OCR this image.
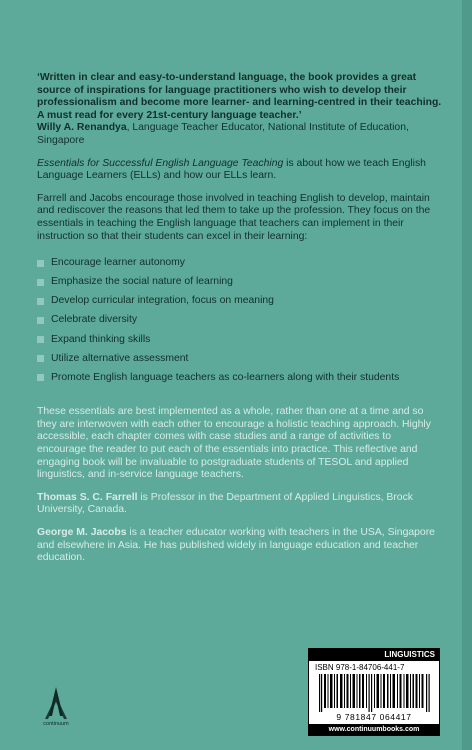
‘Written in clear and easy-to-understand language, the book provides a great source of inspirations for language practitioners who wish to develop their professionalism and become more learner- and learning-centred in their teaching. A must read for every 21st-century language teacher.’

Willy A. Renandya, Language Teacher Educator, National Institute of Education, Singapore

Essentials for Successful English Language Teaching is about how we teach English Language Learners (ELLs) and how our ELLs learn.

Farrell and Jacobs encourage those involved in teaching English to develop, maintain and rediscover the reasons that led them to take up the profession. They focus on the essentials in teaching the English language that teachers can implement in their instruction so that their students can excel in their learning:

Encourage learner autonomy
Emphasize the social nature of learning
Develop curricular integration, focus on meaning
Celebrate diversity
Expand thinking skills
Utilize alternative assessment
Promote English language teachers as co-learners along with their students

These essentials are best implemented as a whole, rather than one at a time and so they are interwoven with each other to encourage a holistic teaching approach. Highly accessible, each chapter comes with case studies and a range of activities to encourage the reader to put each of the essentials into practice. This reflective and engaging book will be invaluable to postgraduate students of TESOL and applied linguistics, and in-service language teachers.

Thomas S. C. Farrell is Professor in the Department of Applied Linguistics, Brock University, Canada.

George M. Jacobs is a teacher educator working with teachers in the USA, Singapore and elsewhere in Asia. He has published widely in language education and teacher education.

continuum
LINGUISTICS
ISBN 978-1-84706-441-7
9 781847 064417
www.continuumbooks.com
